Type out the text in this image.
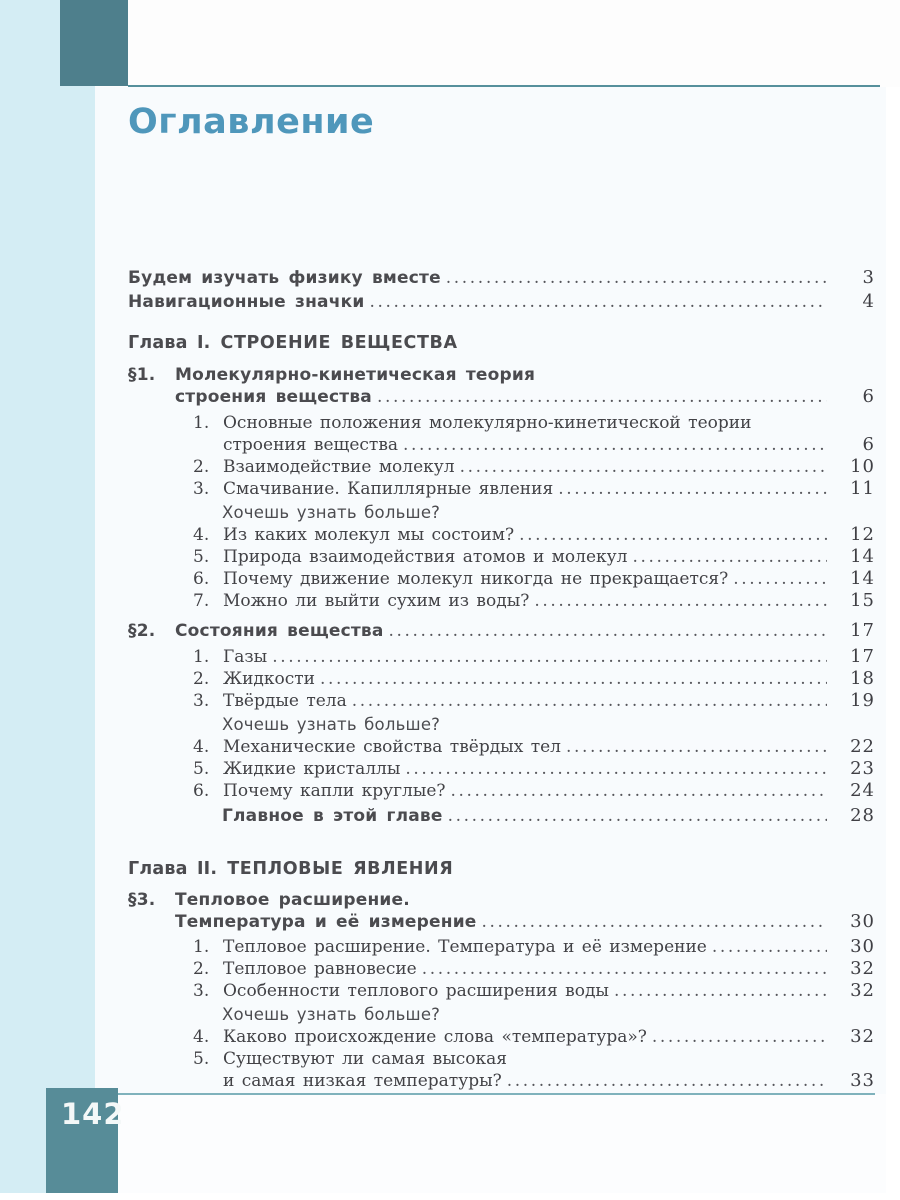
142
Оглавление
Будем изучать физику вместе .....	3
Навигационные значки .....	4
Глава I. СТРОЕНИЕ ВЕЩЕСТВА
§1.	Молекулярно-кинетическая теория
строения вещества .....	6
1. Основные положения молекулярно-кинетической теории
строения вещества .....	6
2. Взаимодействие молекул .....	10
3. Смачивание. Капиллярные явления .....	11
Хочешь узнать больше?
4. Из каких молекул мы состоим? .....	12
5. Природа взаимодействия атомов и молекул .....	14
6. Почему движение молекул никогда не прекращается? .....	14
7. Можно ли выйти сухим из воды? .....	15
§2.	Состояния вещества .....	17
1. Газы .....	17
2. Жидкости .....	18
3. Твёрдые тела .....	19
Хочешь узнать больше?
4. Механические свойства твёрдых тел .....	22
5. Жидкие кристаллы .....	23
6. Почему капли круглые? .....	24
Главное в этой главе .....	28
Глава II. ТЕПЛОВЫЕ ЯВЛЕНИЯ
§3.	Тепловое расширение.
Температура и её измерение .....	30
1. Тепловое расширение. Температура и её измерение .....	30
2. Тепловое равновесие .....	32
3. Особенности теплового расширения воды .....	32
Хочешь узнать больше?
4. Каково происхождение слова «температура»? .....	32
5. Существуют ли самая высокая
и самая низкая температуры? .....	33
